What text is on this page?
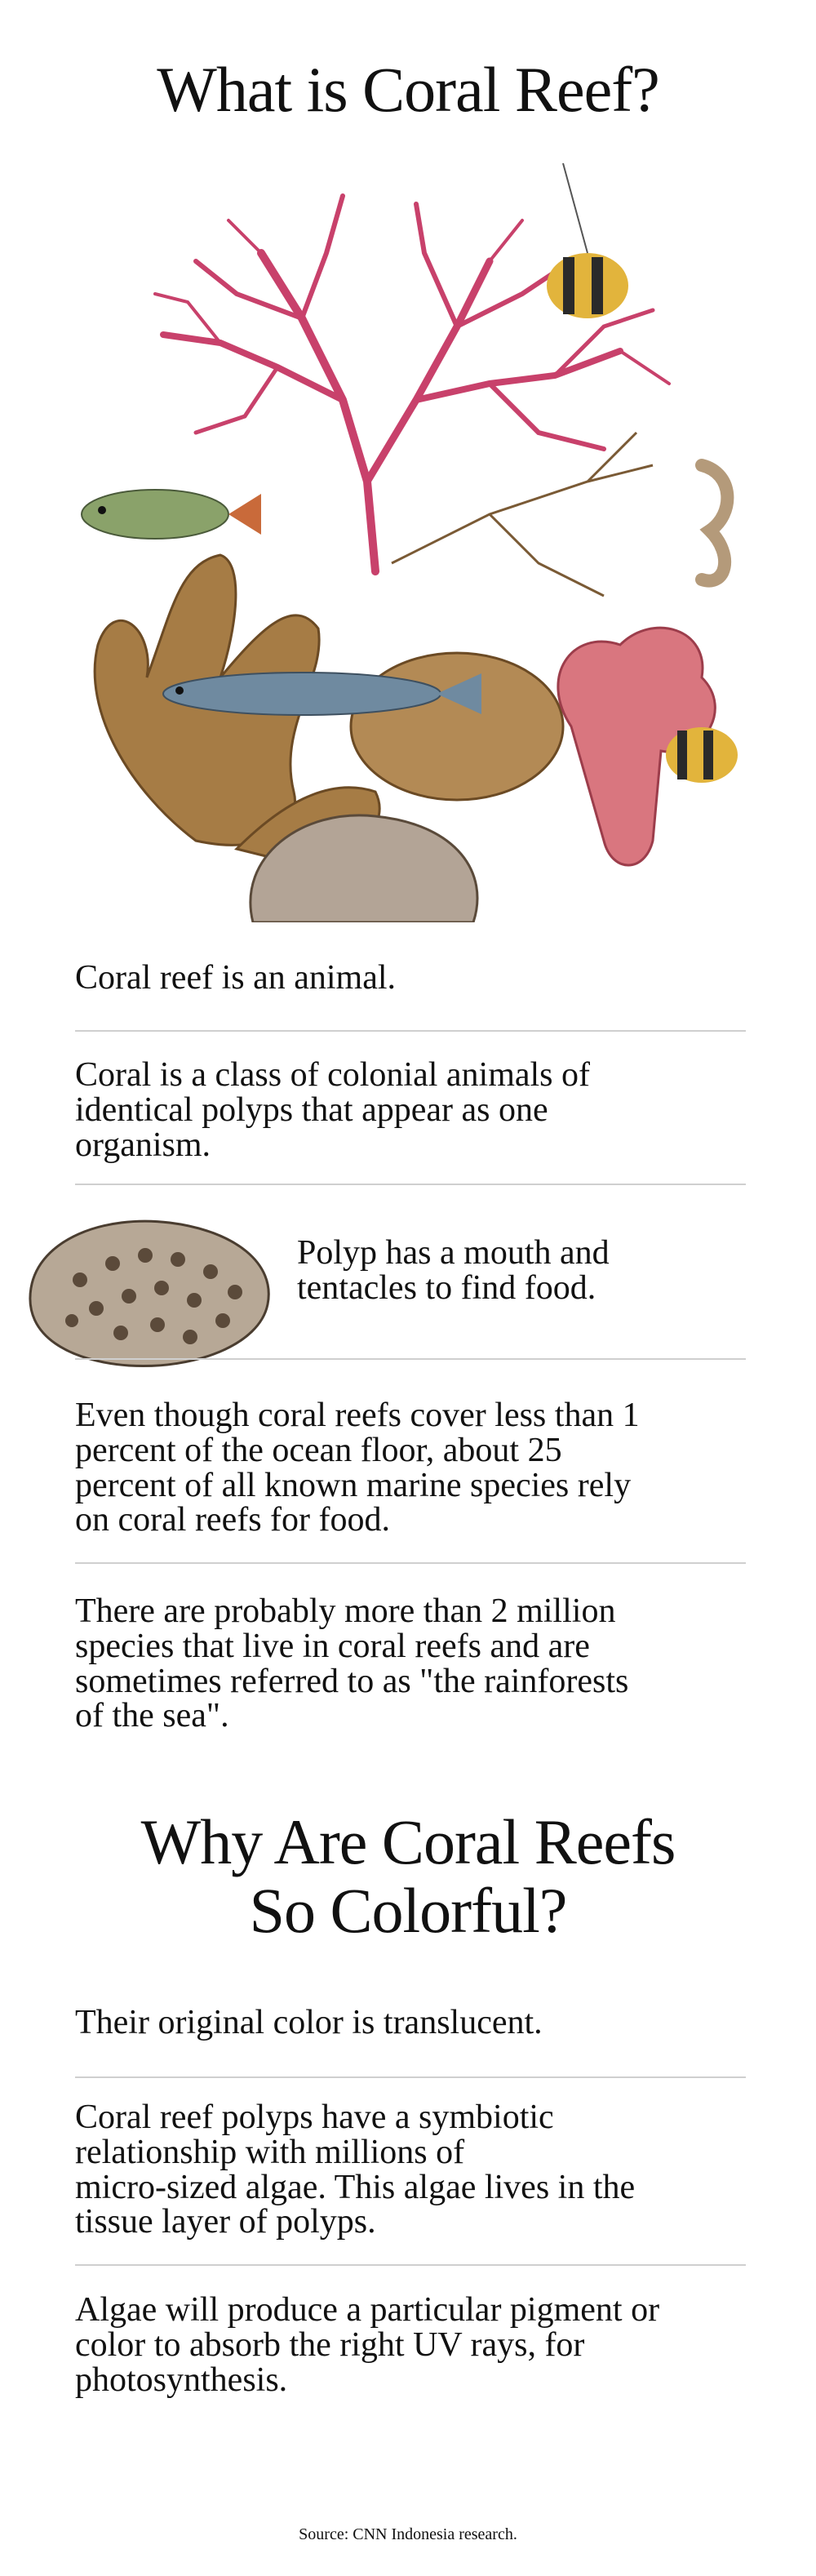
What is Coral Reef?

Coral reef is an animal.

Coral is a class of colonial animals of
identical polyps that appear as one
organism.

Polyp has a mouth and
tentacles to find food.

Even though coral reefs cover less than 1
percent of the ocean floor, about 25
percent of all known marine species rely
on coral reefs for food.

There are probably more than 2 million
species that live in coral reefs and are
sometimes referred to as "the rainforests
of the sea".

Why Are Coral Reefs
So Colorful?

Their original color is translucent.

Coral reef polyps have a symbiotic
relationship with millions of
micro-sized algae. This algae lives in the
tissue layer of polyps.

Algae will produce a particular pigment or
color to absorb the right UV rays, for
photosynthesis.

Source: CNN Indonesia research.
